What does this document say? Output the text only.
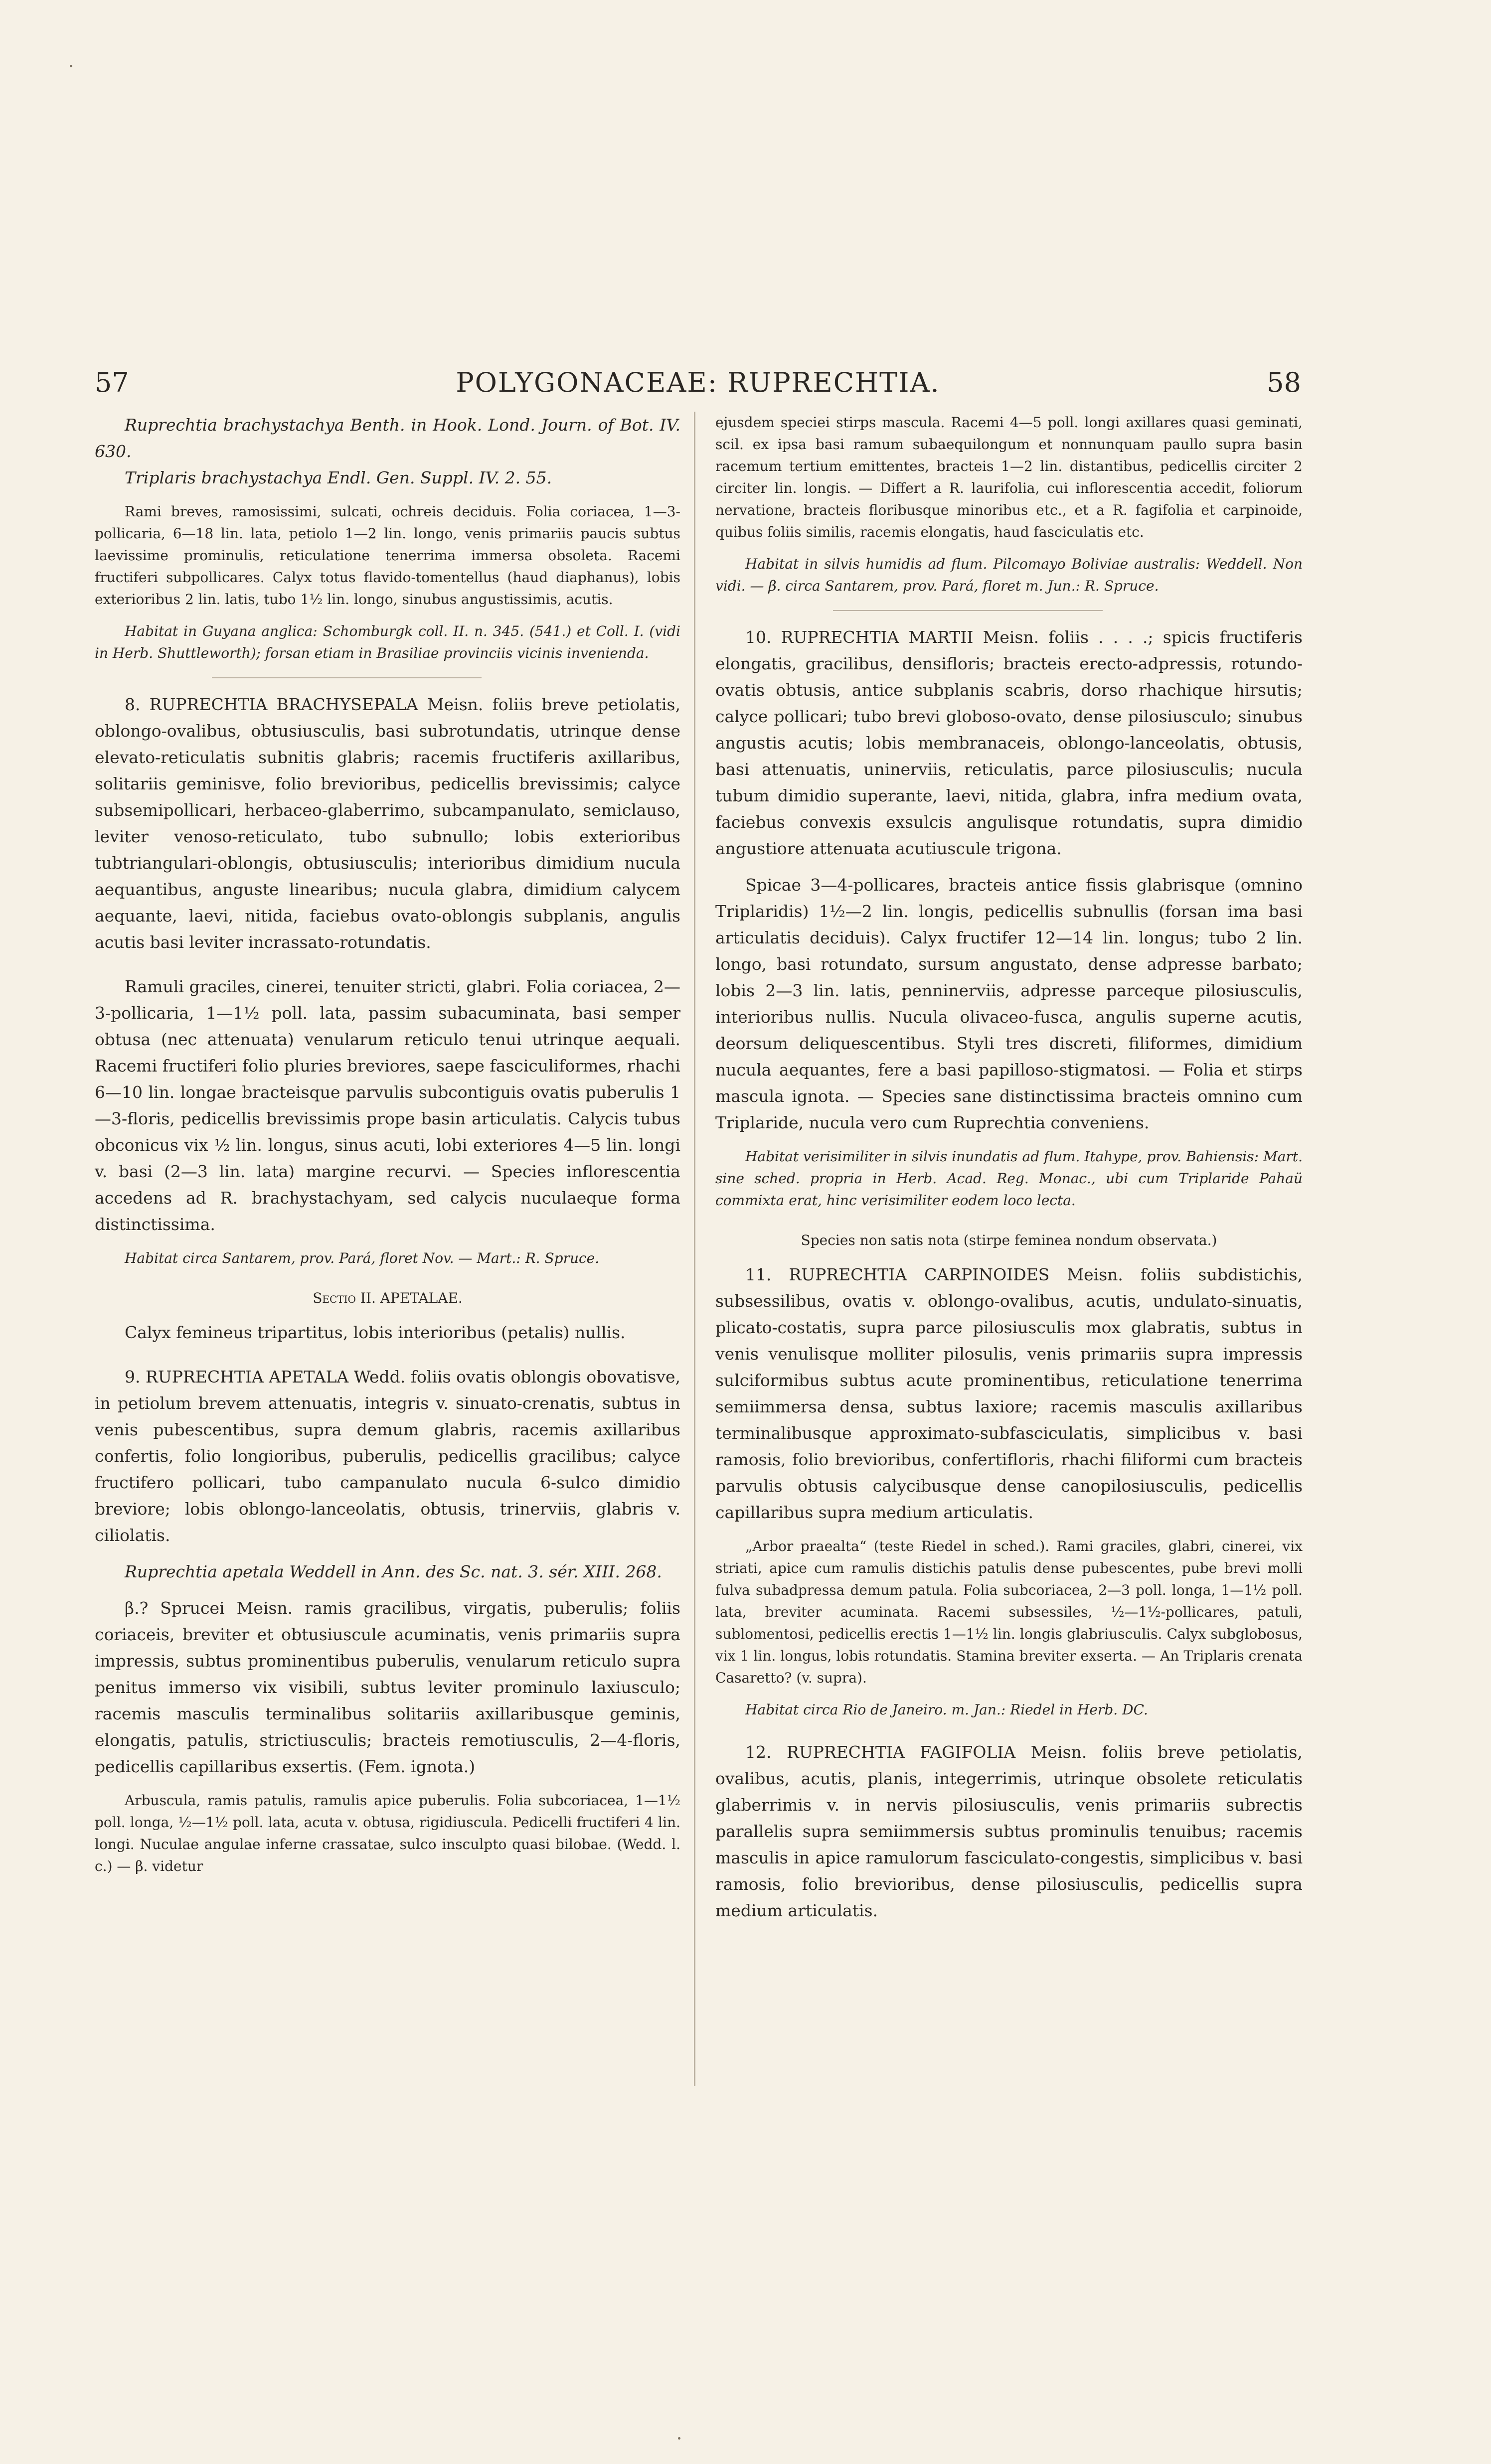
57	POLYGONACEAE: RUPRECHTIA.	58

Ruprechtia brachystachya Benth. in Hook. Lond. Journ. of Bot. IV. 630.

Triplaris brachystachya Endl. Gen. Suppl. IV. 2. 55.

Rami breves, ramosissimi, sulcati, ochreis deciduis. Folia coriacea, 1—3-pollicaria, 6—18 lin. lata, petiolo 1—2 lin. longo, venis primariis paucis subtus laevissime prominulis, reticulatione tenerrima immersa obsoleta. Racemi fructiferi subpollicares. Calyx totus flavido-tomentellus (haud diaphanus), lobis exterioribus 2 lin. latis, tubo 1½ lin. longo, sinubus angustissimis, acutis.

Habitat in Guyana anglica: Schomburgk coll. II. n. 345. (541.) et Coll. I. (vidi in Herb. Shuttleworth); forsan etiam in Brasiliae provinciis vicinis invenienda.

8. RUPRECHTIA BRACHYSEPALA Meisn. foliis breve petiolatis, oblongo-ovalibus, obtusiusculis, basi subrotundatis, utrinque dense elevato-reticulatis subnitis glabris; racemis fructiferis axillaribus, solitariis geminisve, folio brevioribus, pedicellis brevissimis; calyce subsemipollicari, herbaceo-glaberrimo, subcampanulato, semiclauso, leviter venoso-reticulato, tubo subnullo; lobis exterioribus tubtriangulari-oblongis, obtusiusculis; interioribus dimidium nucula aequantibus, anguste linearibus; nucula glabra, dimidium calycem aequante, laevi, nitida, faciebus ovato-oblongis subplanis, angulis acutis basi leviter incrassato-rotundatis.

Ramuli graciles, cinerei, tenuiter stricti, glabri. Folia coriacea, 2—3-pollicaria, 1—1½ poll. lata, passim subacuminata, basi semper obtusa (nec attenuata) venularum reticulo tenui utrinque aequali. Racemi fructiferi folio pluries breviores, saepe fasciculiformes, rhachi 6—10 lin. longae bracteisque parvulis subcontiguis ovatis puberulis 1—3-floris, pedicellis brevissimis prope basin articulatis. Calycis tubus obconicus vix ½ lin. longus, sinus acuti, lobi exteriores 4—5 lin. longi v. basi (2—3 lin. lata) margine recurvi. — Species inflorescentia accedens ad R. brachystachyam, sed calycis nuculaeque forma distinctissima.

Habitat circa Santarem, prov. Pará, floret Nov. — Mart.: R. Spruce.

Sectio II. APETALAE.

Calyx femineus tripartitus, lobis interioribus (petalis) nullis.

9. RUPRECHTIA APETALA Wedd. foliis ovatis oblongis obovatisve, in petiolum brevem attenuatis, integris v. sinuato-crenatis, subtus in venis pubescentibus, supra demum glabris, racemis axillaribus confertis, folio longioribus, puberulis, pedicellis gracilibus; calyce fructifero pollicari, tubo campanulato nucula 6-sulco dimidio breviore; lobis oblongo-lanceolatis, obtusis, trinerviis, glabris v. ciliolatis.

Ruprechtia apetala Weddell in Ann. des Sc. nat. 3. sér. XIII. 268.

β.? Sprucei Meisn. ramis gracilibus, virgatis, puberulis; foliis coriaceis, breviter et obtusiuscule acuminatis, venis primariis supra impressis, subtus prominentibus puberulis, venularum reticulo supra penitus immerso vix visibili, subtus leviter prominulo laxiusculo; racemis masculis terminalibus solitariis axillaribusque geminis, elongatis, patulis, strictiusculis; bracteis remotiusculis, 2—4-floris, pedicellis capillaribus exsertis. (Fem. ignota.)

Arbuscula, ramis patulis, ramulis apice puberulis. Folia subcoriacea, 1—1½ poll. longa, ½—1½ poll. lata, acuta v. obtusa, rigidiuscula. Pedicelli fructiferi 4 lin. longi. Nuculae angulae inferne crassatae, sulco insculpto quasi bilobae. (Wedd. l. c.) — β. videtur

ejusdem speciei stirps mascula. Racemi 4—5 poll. longi axillares quasi geminati, scil. ex ipsa basi ramum subaequilongum et nonnunquam paullo supra basin racemum tertium emittentes, bracteis 1—2 lin. distantibus, pedicellis circiter 2 circiter lin. longis. — Differt a R. laurifolia, cui inflorescentia accedit, foliorum nervatione, bracteis floribusque minoribus etc., et a R. fagifolia et carpinoide, quibus foliis similis, racemis elongatis, haud fasciculatis etc.

Habitat in silvis humidis ad flum. Pilcomayo Boliviae australis: Weddell. Non vidi. — β. circa Santarem, prov. Pará, floret m. Jun.: R. Spruce.

10. RUPRECHTIA MARTII Meisn. foliis . . . .; spicis fructiferis elongatis, gracilibus, densifloris; bracteis erecto-adpressis, rotundo-ovatis obtusis, antice subplanis scabris, dorso rhachique hirsutis; calyce pollicari; tubo brevi globoso-ovato, dense pilosiusculo; sinubus angustis acutis; lobis membranaceis, oblongo-lanceolatis, obtusis, basi attenuatis, uninerviis, reticulatis, parce pilosiusculis; nucula tubum dimidio superante, laevi, nitida, glabra, infra medium ovata, faciebus convexis exsulcis angulisque rotundatis, supra dimidio angustiore attenuata acutiuscule trigona.

Spicae 3—4-pollicares, bracteis antice fissis glabrisque (omnino Triplaridis) 1½—2 lin. longis, pedicellis subnullis (forsan ima basi articulatis deciduis). Calyx fructifer 12—14 lin. longus; tubo 2 lin. longo, basi rotundato, sursum angustato, dense adpresse barbato; lobis 2—3 lin. latis, penninerviis, adpresse parceque pilosiusculis, interioribus nullis. Nucula olivaceo-fusca, angulis superne acutis, deorsum deliquescentibus. Styli tres discreti, filiformes, dimidium nucula aequantes, fere a basi papilloso-stigmatosi. — Folia et stirps mascula ignota. — Species sane distinctissima bracteis omnino cum Triplaride, nucula vero cum Ruprechtia conveniens.

Habitat verisimiliter in silvis inundatis ad flum. Itahype, prov. Bahiensis: Mart. sine sched. propria in Herb. Acad. Reg. Monac., ubi cum Triplaride Pahaü commixta erat, hinc verisimiliter eodem loco lecta.

Species non satis nota (stirpe feminea nondum observata.)

11. RUPRECHTIA CARPINOIDES Meisn. foliis subdistichis, subsessilibus, ovatis v. oblongo-ovalibus, acutis, undulato-sinuatis, plicato-costatis, supra parce pilosiusculis mox glabratis, subtus in venis venulisque molliter pilosulis, venis primariis supra impressis sulciformibus subtus acute prominentibus, reticulatione tenerrima semiimmersa densa, subtus laxiore; racemis masculis axillaribus terminalibusque approximato-subfasciculatis, simplicibus v. basi ramosis, folio brevioribus, confertifloris, rhachi filiformi cum bracteis parvulis obtusis calycibusque dense canopilosiusculis, pedicellis capillaribus supra medium articulatis.

„Arbor praealta“ (teste Riedel in sched.). Rami graciles, glabri, cinerei, vix striati, apice cum ramulis distichis patulis dense pubescentes, pube brevi molli fulva subadpressa demum patula. Folia subcoriacea, 2—3 poll. longa, 1—1½ poll. lata, breviter acuminata. Racemi subsessiles, ½—1½-pollicares, patuli, sublomentosi, pedicellis erectis 1—1½ lin. longis glabriusculis. Calyx subglobosus, vix 1 lin. longus, lobis rotundatis. Stamina breviter exserta. — An Triplaris crenata Casaretto? (v. supra).

Habitat circa Rio de Janeiro. m. Jan.: Riedel in Herb. DC.

12. RUPRECHTIA FAGIFOLIA Meisn. foliis breve petiolatis, ovalibus, acutis, planis, integerrimis, utrinque obsolete reticulatis glaberrimis v. in nervis pilosiusculis, venis primariis subrectis parallelis supra semiimmersis subtus prominulis tenuibus; racemis masculis in apice ramulorum fasciculato-congestis, simplicibus v. basi ramosis, folio brevioribus, dense pilosiusculis, pedicellis supra medium articulatis.
